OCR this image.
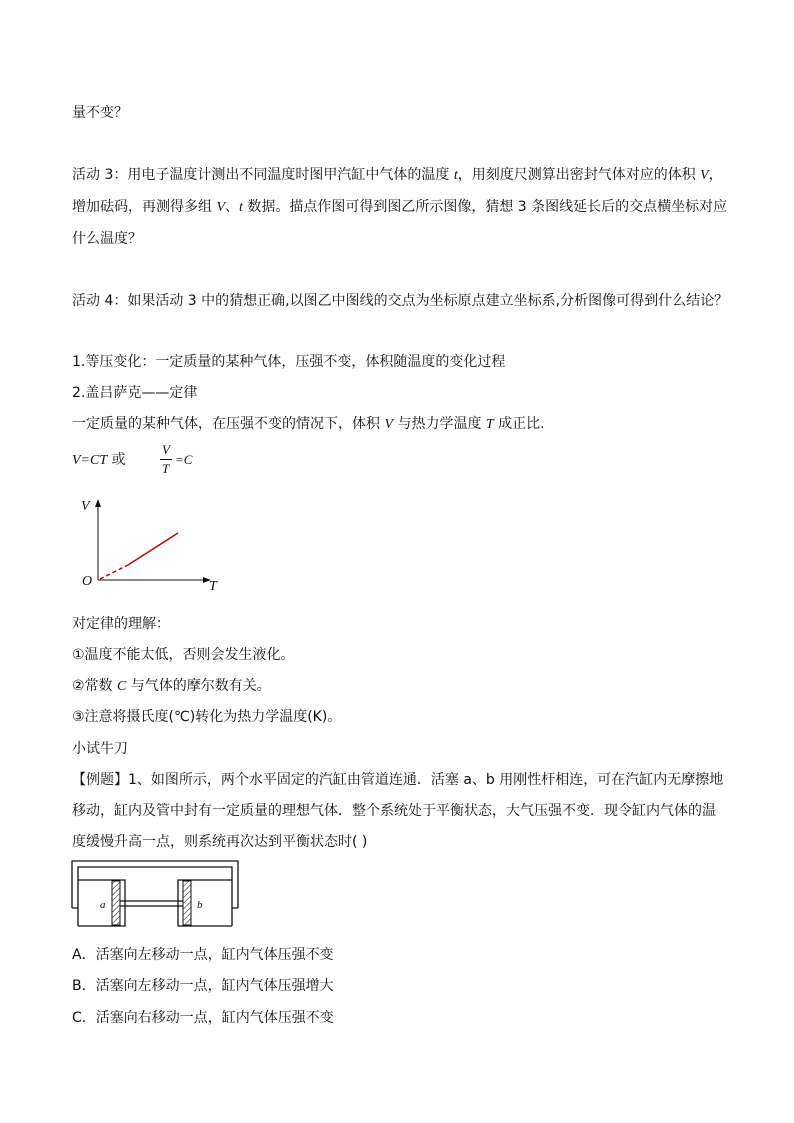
量不变？
活动 3：用电子温度计测出不同温度时图甲汽缸中气体的温度 t，用刻度尺测算出密封气体对应的体积 V，
增加砝码，再测得多组 V、t 数据。描点作图可得到图乙所示图像，猜想 3 条图线延长后的交点横坐标对应
什么温度？
活动 4：如果活动 3 中的猜想正确,以图乙中图线的交点为坐标原点建立坐标系,分析图像可得到什么结论？
1.等压变化：一定质量的某种气体，压强不变，体积随温度的变化过程
2.盖吕萨克——定律
一定质量的某种气体，在压强不变的情况下，体积 V 与热力学温度 T 成正比.
V=CT 或
V
T
=C
V
T
O
对定律的理解：
①温度不能太低，否则会发生液化。
②常数 C 与气体的摩尔数有关。
③注意将摄氏度(℃)转化为热力学温度(K)。
小试牛刀
【例题】1、如图所示，两个水平固定的汽缸由管道连通．活塞 a、b 用刚性杆相连，可在汽缸内无摩擦地
移动，缸内及管中封有一定质量的理想气体．整个系统处于平衡状态，大气压强不变．现令缸内气体的温
度缓慢升高一点，则系统再次达到平衡状态时( )
a	b
A．活塞向左移动一点，缸内气体压强不变
B．活塞向左移动一点，缸内气体压强增大
C．活塞向右移动一点，缸内气体压强不变
